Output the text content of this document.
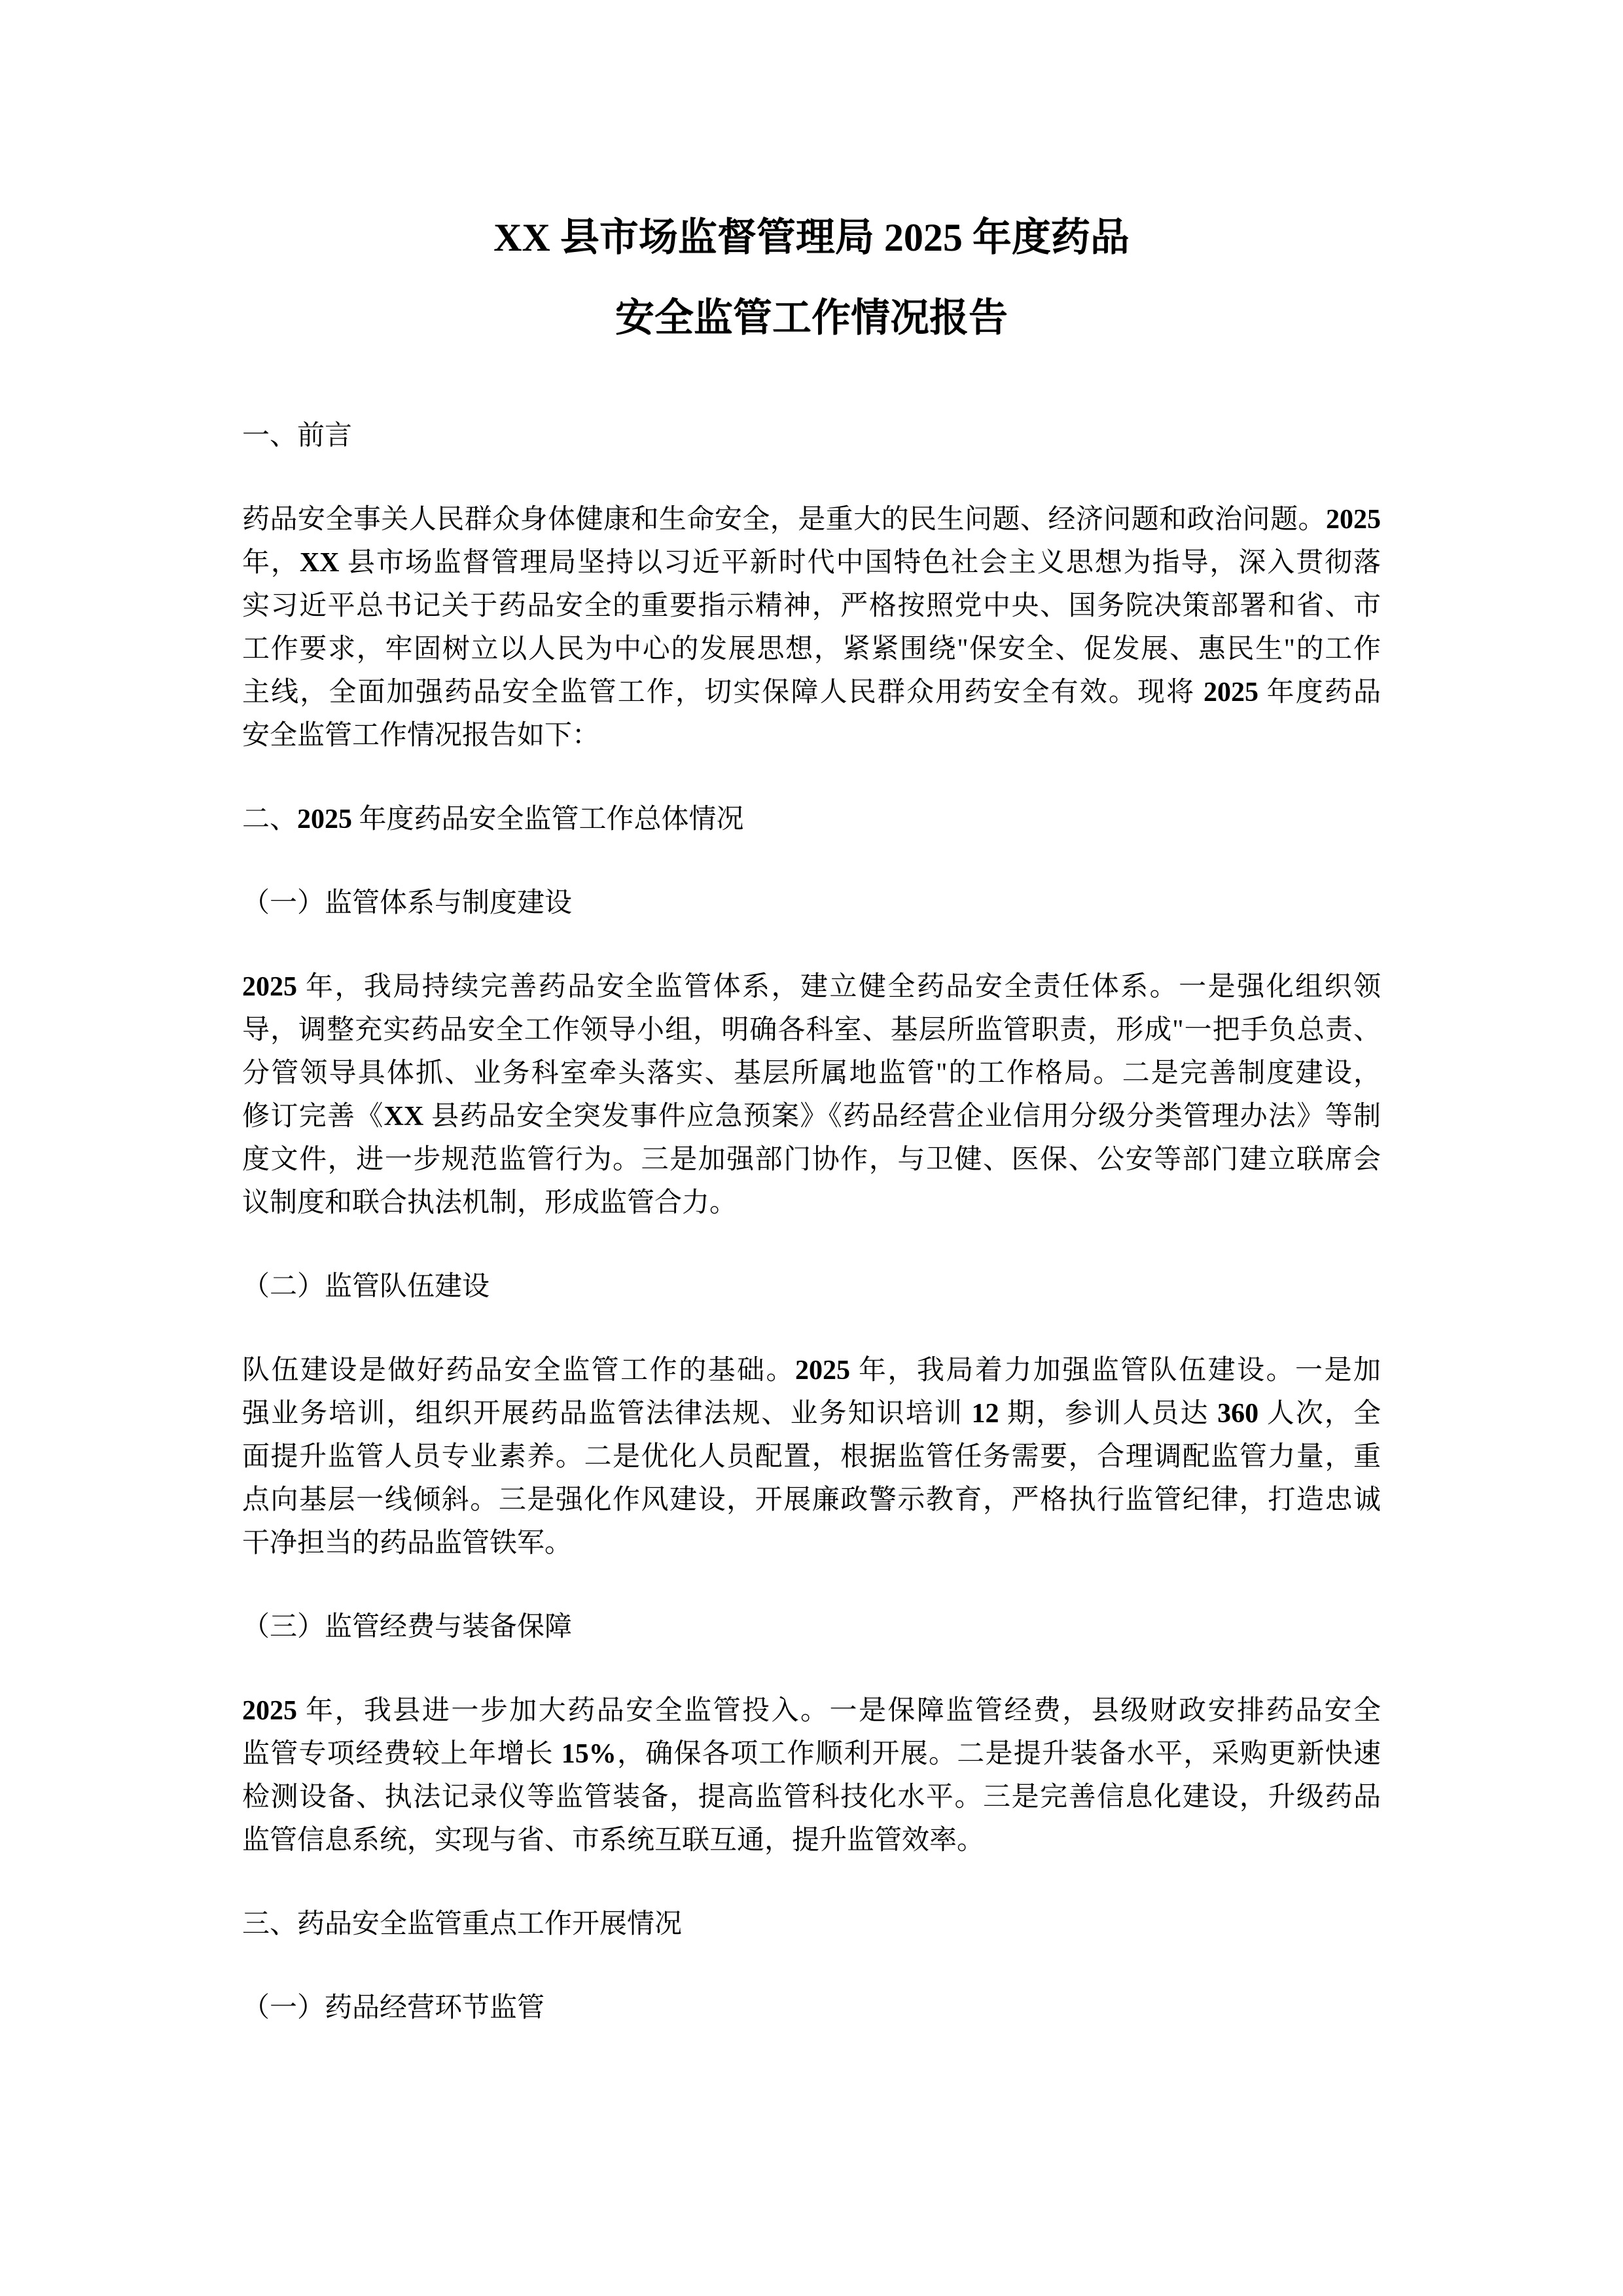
XX 县市场监督管理局 2025 年度药品
安全监管工作情况报告
一、前言
药品安全事关人民群众身体健康和生命安全，是重大的民生问题、经济问题和政治问题。2025
年，XX 县市场监督管理局坚持以习近平新时代中国特色社会主义思想为指导，深入贯彻落
实习近平总书记关于药品安全的重要指示精神，严格按照党中央、国务院决策部署和省、市
工作要求，牢固树立以人民为中心的发展思想，紧紧围绕"保安全、促发展、惠民生"的工作
主线，全面加强药品安全监管工作，切实保障人民群众用药安全有效。现将 2025 年度药品
安全监管工作情况报告如下：
二、2025 年度药品安全监管工作总体情况
（一）监管体系与制度建设
2025 年，我局持续完善药品安全监管体系，建立健全药品安全责任体系。一是强化组织领
导，调整充实药品安全工作领导小组，明确各科室、基层所监管职责，形成"一把手负总责、
分管领导具体抓、业务科室牵头落实、基层所属地监管"的工作格局。二是完善制度建设，
修订完善《XX 县药品安全突发事件应急预案》《药品经营企业信用分级分类管理办法》等制
度文件，进一步规范监管行为。三是加强部门协作，与卫健、医保、公安等部门建立联席会
议制度和联合执法机制，形成监管合力。
（二）监管队伍建设
队伍建设是做好药品安全监管工作的基础。2025 年，我局着力加强监管队伍建设。一是加
强业务培训，组织开展药品监管法律法规、业务知识培训 12 期，参训人员达 360 人次，全
面提升监管人员专业素养。二是优化人员配置，根据监管任务需要，合理调配监管力量，重
点向基层一线倾斜。三是强化作风建设，开展廉政警示教育，严格执行监管纪律，打造忠诚
干净担当的药品监管铁军。
（三）监管经费与装备保障
2025 年，我县进一步加大药品安全监管投入。一是保障监管经费，县级财政安排药品安全
监管专项经费较上年增长 15%，确保各项工作顺利开展。二是提升装备水平，采购更新快速
检测设备、执法记录仪等监管装备，提高监管科技化水平。三是完善信息化建设，升级药品
监管信息系统，实现与省、市系统互联互通，提升监管效率。
三、药品安全监管重点工作开展情况
（一）药品经营环节监管
